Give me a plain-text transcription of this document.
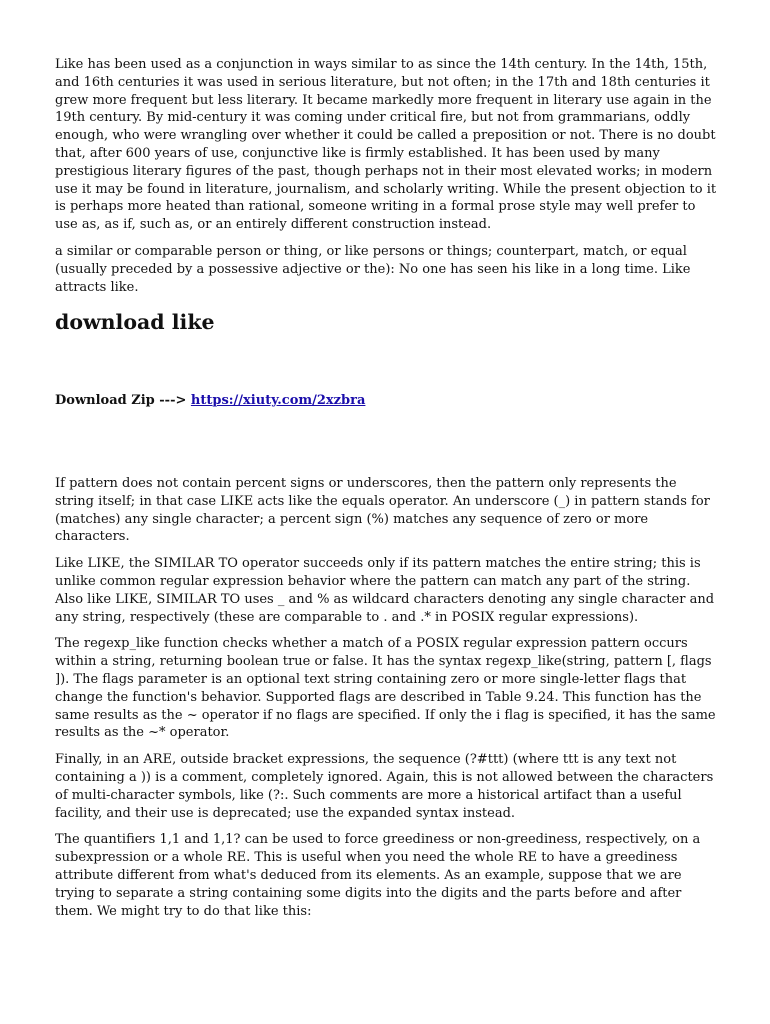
Like has been used as a conjunction in ways similar to as since the 14th century. In the 14th, 15th, and 16th centuries it was used in serious literature, but not often; in the 17th and 18th centuries it grew more frequent but less literary. It became markedly more frequent in literary use again in the 19th century. By mid-century it was coming under critical fire, but not from grammarians, oddly enough, who were wrangling over whether it could be called a preposition or not. There is no doubt that, after 600 years of use, conjunctive like is firmly established. It has been used by many prestigious literary figures of the past, though perhaps not in their most elevated works; in modern use it may be found in literature, journalism, and scholarly writing. While the present objection to it is perhaps more heated than rational, someone writing in a formal prose style may well prefer to use as, as if, such as, or an entirely different construction instead.

a similar or comparable person or thing, or like persons or things; counterpart, match, or equal (usually preceded by a possessive adjective or the): No one has seen his like in a long time. Like attracts like.

download like
Download Zip ---> https://xiuty.com/2xzbra

If pattern does not contain percent signs or underscores, then the pattern only represents the string itself; in that case LIKE acts like the equals operator. An underscore (_) in pattern stands for (matches) any single character; a percent sign (%) matches any sequence of zero or more characters.

Like LIKE, the SIMILAR TO operator succeeds only if its pattern matches the entire string; this is unlike common regular expression behavior where the pattern can match any part of the string. Also like LIKE, SIMILAR TO uses _ and % as wildcard characters denoting any single character and any string, respectively (these are comparable to . and .* in POSIX regular expressions).

The regexp_like function checks whether a match of a POSIX regular expression pattern occurs within a string, returning boolean true or false. It has the syntax regexp_like(string, pattern [, flags ]). The flags parameter is an optional text string containing zero or more single-letter flags that change the function's behavior. Supported flags are described in Table 9.24. This function has the same results as the ~ operator if no flags are specified. If only the i flag is specified, it has the same results as the ~* operator.

Finally, in an ARE, outside bracket expressions, the sequence (?#ttt) (where ttt is any text not containing a )) is a comment, completely ignored. Again, this is not allowed between the characters of multi-character symbols, like (?:. Such comments are more a historical artifact than a useful facility, and their use is deprecated; use the expanded syntax instead.

The quantifiers 1,1 and 1,1? can be used to force greediness or non-greediness, respectively, on a subexpression or a whole RE. This is useful when you need the whole RE to have a greediness attribute different from what's deduced from its elements. As an example, suppose that we are trying to separate a string containing some digits into the digits and the parts before and after them. We might try to do that like this:
